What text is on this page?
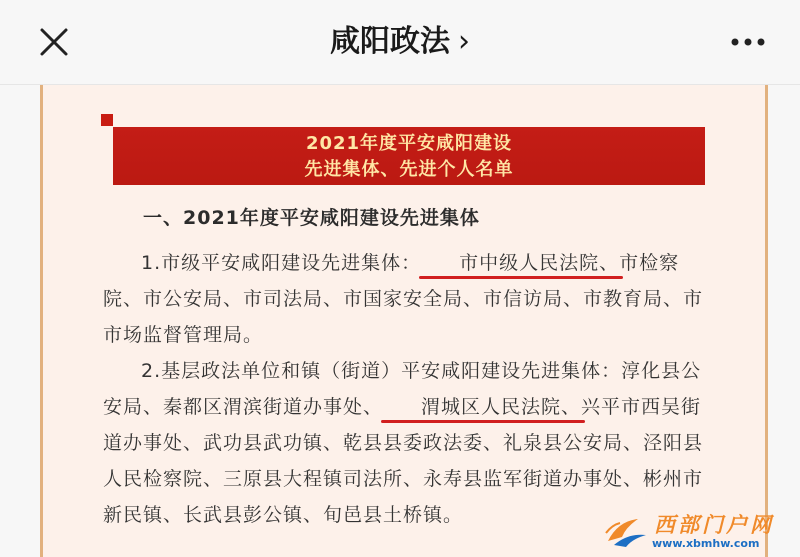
咸阳政法 ›
2021年度平安咸阳建设
先进集体、先进个人名单
一、2021年度平安咸阳建设先进集体
1.市级平安咸阳建设先进集体： 市中级人民法院、市检察院、市公安局、市司法局、市国家安全局、市信访局、市教育局、市市场监督管理局。
2.基层政法单位和镇（街道）平安咸阳建设先进集体：淳化县公安局、秦都区渭滨街道办事处、 渭城区人民法院、兴平市西吴街道办事处、武功县武功镇、乾县县委政法委、礼泉县公安局、泾阳县人民检察院、三原县大程镇司法所、永寿县监军街道办事处、彬州市新民镇、长武县彭公镇、旬邑县土桥镇。	西部门户网
www.xbmhw.com
